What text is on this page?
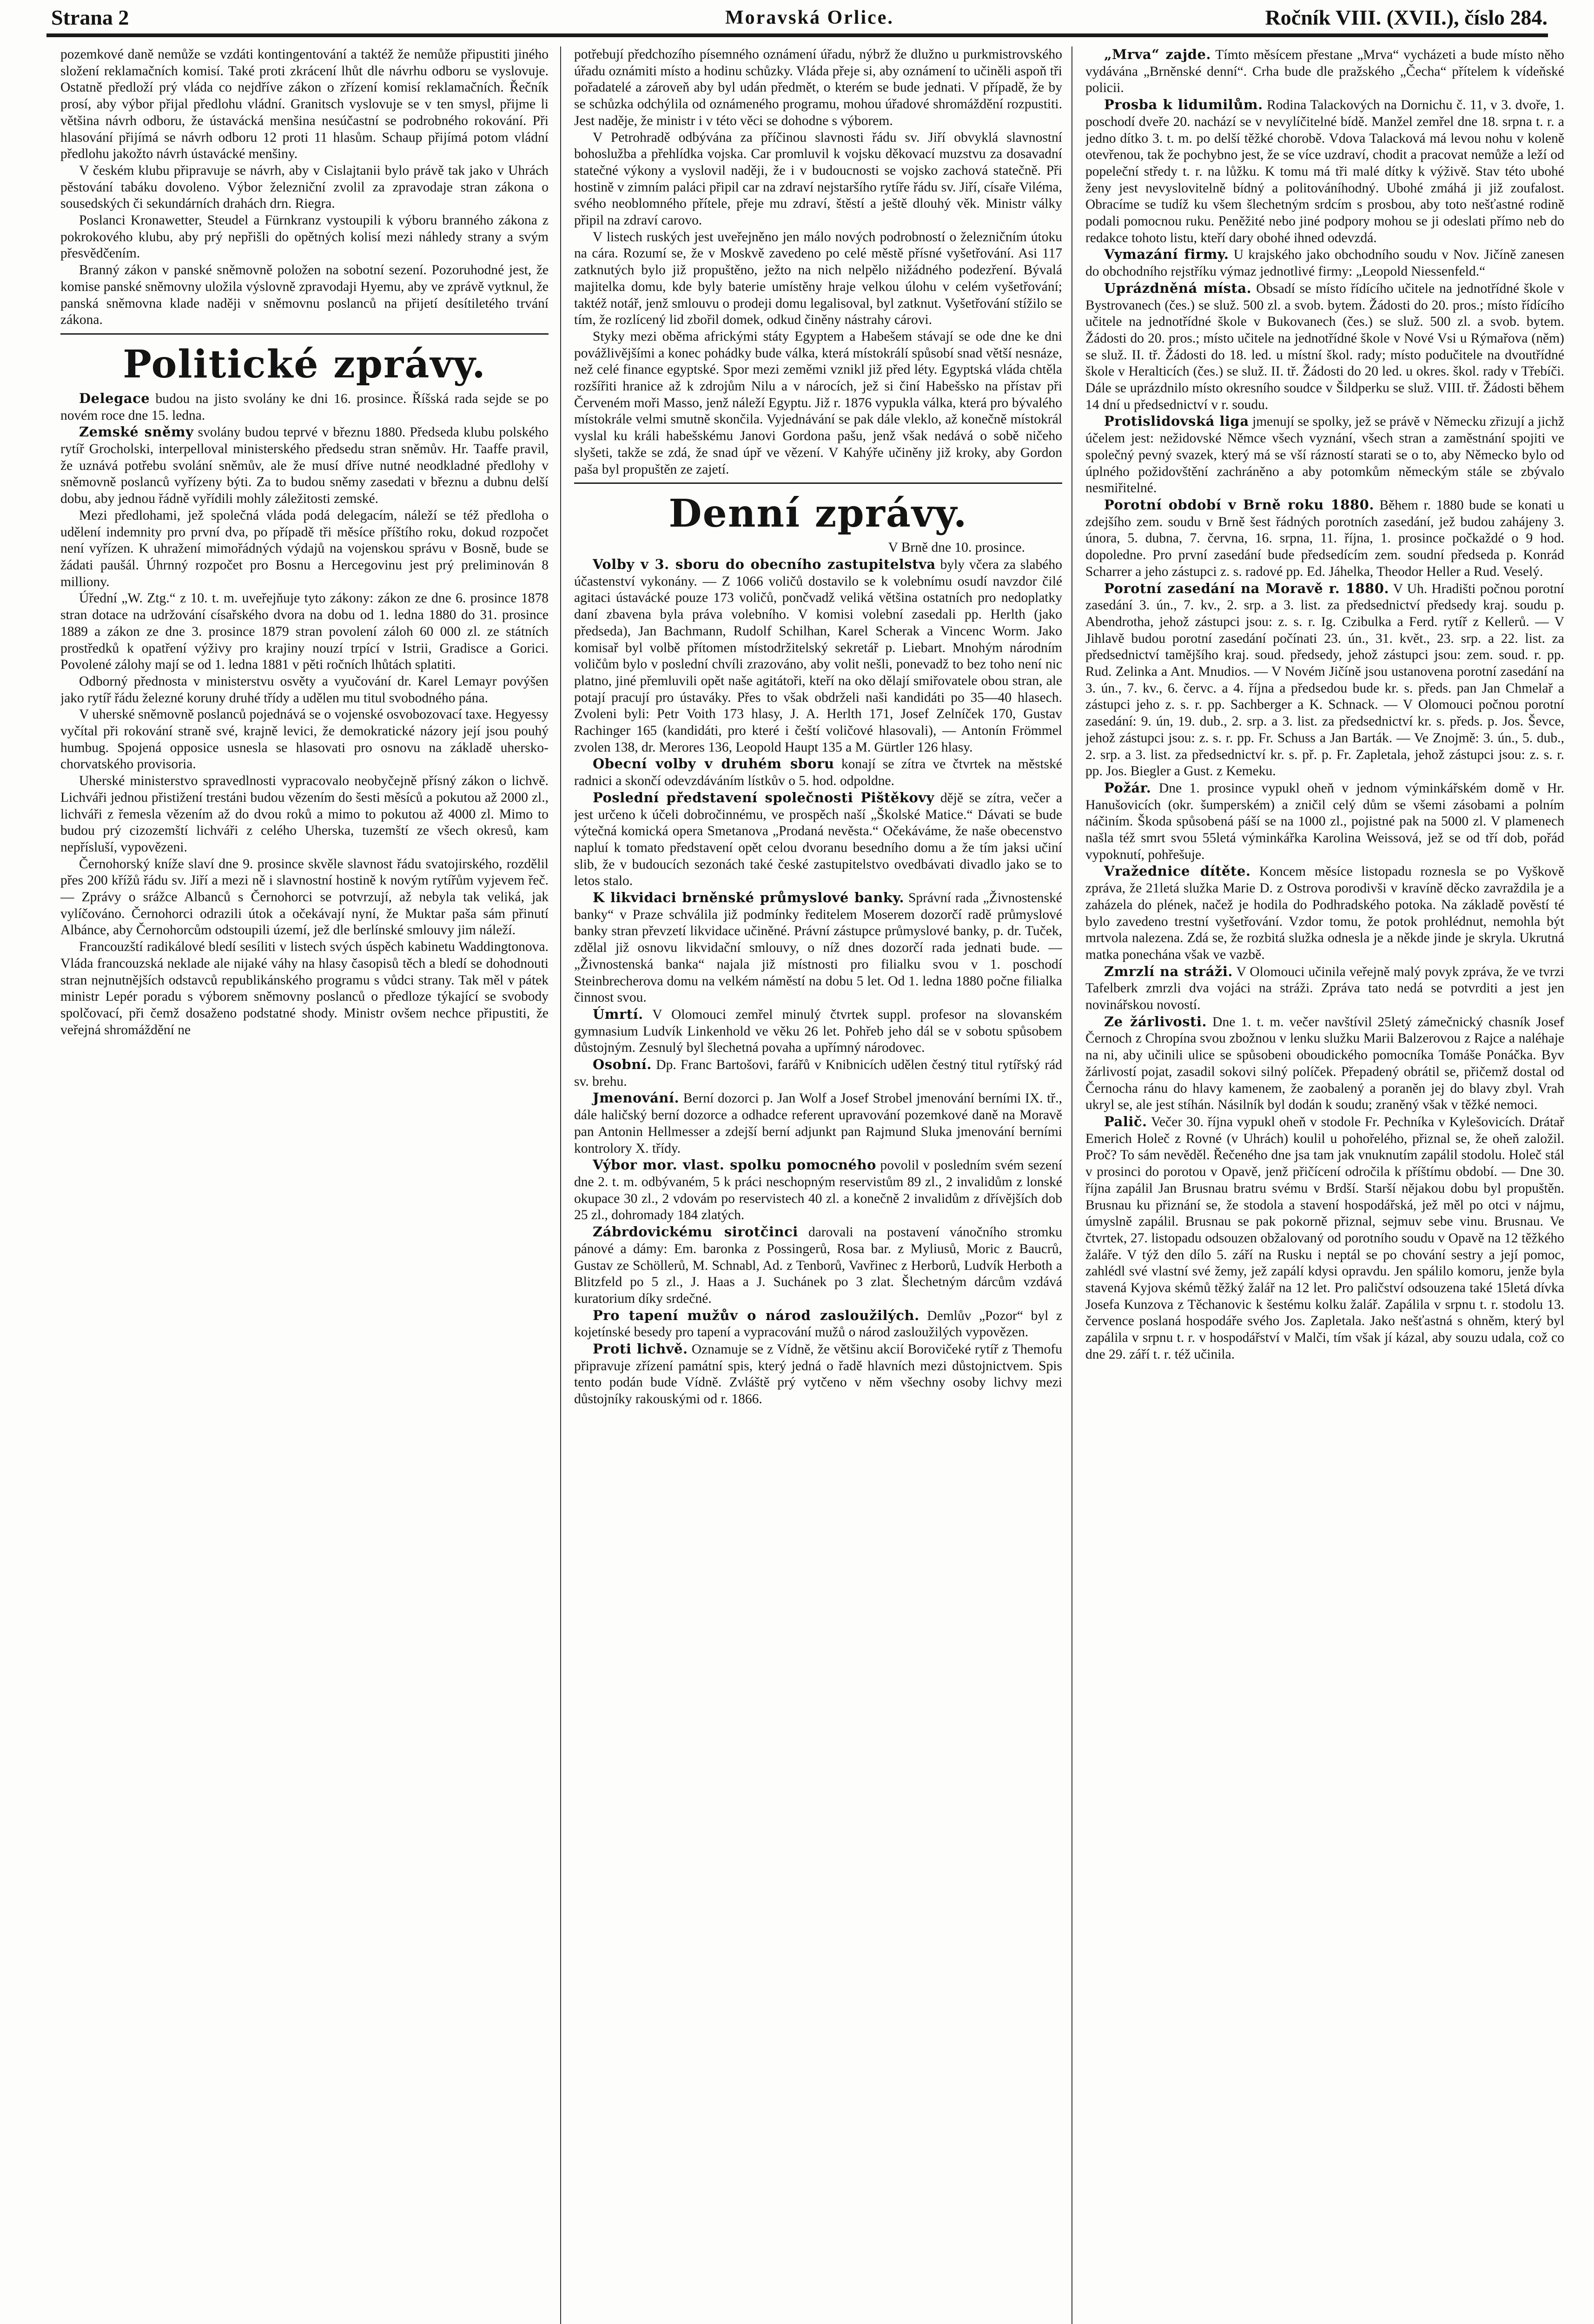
Strana 2	Moravská Orlice.	Ročník VIII. (XVII.), číslo 284.

pozemkové daně nemůže se vzdáti kontingentování a taktéž že nemůže připustiti jiného složení reklamačních komisí. Také proti zkrácení lhůt dle návrhu odboru se vyslovuje. Ostatně předloží prý vláda co nejdříve zákon o zřízení komisí reklamačních. Řečník prosí, aby výbor přijal předlohu vládní. Granitsch vyslovuje se v ten smysl, přijme li většina návrh odboru, že ústavácká menšina nesúčastní se podrobného rokování. Při hlasování přijímá se návrh odboru 12 proti 11 hlasům. Schaup přijímá potom vládní předlohu jakožto návrh ústavácké menšiny.

V českém klubu připravuje se návrh, aby v Cislajtanii bylo právě tak jako v Uhrách pěstování tabáku dovoleno. Výbor železniční zvolil za zpravodaje stran zákona o sousedských či sekundárních drahách drn. Riegra.

Poslanci Kronawetter, Steudel a Fürnkranz vystoupili k výboru branného zákona z pokrokového klubu, aby prý nepřišli do opětných kolisí mezi náhledy strany a svým přesvědčením.

Branný zákon v panské sněmovně položen na sobotní sezení. Pozoruhodné jest, že komise panské sněmovny uložila výslovně zpravodaji Hyemu, aby ve zprávě vytknul, že panská sněmovna klade naději v sněmovnu poslanců na přijetí desítiletého trvání zákona.

Politické zprávy.

Delegace budou na jisto svolány ke dni 16. prosince. Říšská rada sejde se po novém roce dne 15. ledna.

Zemské sněmy svolány budou teprvé v březnu 1880. Předseda klubu polského rytíř Grocholski, interpelloval ministerského předsedu stran sněmův. Hr. Taaffe pravil, že uznává potřebu svolání sněmův, ale že musí dříve nutné neodkladné předlohy v sněmovně poslanců vyřízeny býti. Za to budou sněmy zasedati v březnu a dubnu delší dobu, aby jednou řádně vyřídili mohly záležitosti zemské.

Mezi předlohami, jež společná vláda podá delegacím, náleží se též předloha o udělení indemnity pro první dva, po případě tři měsíce příštího roku, dokud rozpočet není vyřízen. K uhražení mimořádných výdajů na vojenskou správu v Bosně, bude se žádati paušál. Úhrnný rozpočet pro Bosnu a Hercegovinu jest prý preliminován 8 milliony.

Úřední „W. Ztg.“ z 10. t. m. uveřejňuje tyto zákony: zákon ze dne 6. prosince 1878 stran dotace na udržování císařského dvora na dobu od 1. ledna 1880 do 31. prosince 1889 a zákon ze dne 3. prosince 1879 stran povolení záloh 60 000 zl. ze státních prostředků k opatření výživy pro krajiny nouzí trpící v Istrii, Gradisce a Gorici. Povolené zálohy mají se od 1. ledna 1881 v pěti ročních lhůtách splatiti.

Odborný přednosta v ministerstvu osvěty a vyučování dr. Karel Lemayr povýšen jako rytíř řádu železné koruny druhé třídy a udělen mu titul svobodného pána.

V uherské sněmovně poslanců pojednává se o vojenské osvobozovací taxe. Hegyessy vyčítal při rokování straně své, krajně levici, že demokratické názory její jsou pouhý humbug. Spojená opposice usnesla se hlasovati pro osnovu na základě uhersko-chorvatského provisoria.

Uherské ministerstvo spravedlnosti vypracovalo neobyčejně přísný zákon o lichvě. Lichváři jednou přistižení trestáni budou vězením do šesti měsíců a pokutou až 2000 zl., lichváři z řemesla vězením až do dvou roků a mimo to pokutou až 4000 zl. Mimo to budou prý cizozemští lichváři z celého Uherska, tuzemští ze všech okresů, kam nepřísluší, vypovězeni.

Černohorský kníže slaví dne 9. prosince skvěle slavnost řádu svatojirského, rozdělil přes 200 křížů řádu sv. Jiří a mezi ně i slavnostní hostině k novým rytířům vyjevem řeč. — Zprávy o srážce Albanců s Černohorci se potvrzují, až nebyla tak veliká, jak vylíčováno. Černohorci odrazili útok a očekávají nyní, že Muktar paša sám přinutí Albánce, aby Černohorcům odstoupili území, jež dle berlínské smlouvy jim náleží.

Francouzští radikálové bledí sesíliti v listech svých úspěch kabinetu Waddingtonova. Vláda francouzská neklade ale nijaké váhy na hlasy časopisů těch a bledí se dohodnouti stran nejnutnějších odstavců republikánského programu s vůdci strany. Tak měl v pátek ministr Lepér poradu s výborem sněmovny poslanců o předloze týkající se svobody spolčovací, při čemž dosaženo podstatné shody. Ministr ovšem nechce připustiti, že veřejná shromáždění ne

potřebují předchozího písemného oznámení úřadu, nýbrž že dlužno u purkmistrovského úřadu oznámiti místo a hodinu schůzky. Vláda přeje si, aby oznámení to učiněli aspoň tři pořadatelé a zároveň aby byl udán předmět, o kterém se bude jednati. V případě, že by se schůzka odchýlila od oznámeného programu, mohou úřadové shromáždění rozpustiti. Jest naděje, že ministr i v této věci se dohodne s výborem.

V Petrohradě odbývána za příčinou slavnosti řádu sv. Jiří obvyklá slavnostní bohoslužba a přehlídka vojska. Car promluvil k vojsku děkovací muzstvu za dosavadní statečné výkony a vyslovil naději, že i v budoucnosti se vojsko zachová statečně. Při hostině v zimním paláci připil car na zdraví nejstaršího rytíře řádu sv. Jiří, císaře Viléma, svého neoblomného přítele, přeje mu zdraví, štěstí a ještě dlouhý věk. Ministr války připil na zdraví carovo.

V listech ruských jest uveřejněno jen málo nových podrobností o železničním útoku na cára. Rozumí se, že v Moskvě zavedeno po celé městě přísné vyšetřování. Asi 117 zatknutých bylo již propuštěno, ježto na nich nelpělo nižádného podezření. Bývalá majitelka domu, kde byly baterie umístěny hraje velkou úlohu v celém vyšetřování; taktéž notář, jenž smlouvu o prodeji domu legalisoval, byl zatknut. Vyšetřování stížilo se tím, že rozlícený lid zbořil domek, odkud činěny nástrahy cárovi.

Styky mezi oběma africkými státy Egyptem a Habešem stávají se ode dne ke dni povážlivějšími a konec pohádky bude válka, která místokrálí spůsobí snad větší nesnáze, než celé finance egyptské. Spor mezi zeměmi vznikl již před léty. Egyptská vláda chtěla rozšířiti hranice až k zdrojům Nilu a v nárocích, jež si činí Habešsko na přístav při Červeném moři Masso, jenž náleží Egyptu. Již r. 1876 vypukla válka, která pro bývalého místokrále velmi smutně skončila. Vyjednávání se pak dále vleklo, až konečně místokrál vyslal ku králi habešskému Janovi Gordona pašu, jenž však nedává o sobě ničeho slyšeti, takže se zdá, že snad úpř ve vězení. V Kahýře učiněny již kroky, aby Gordon paša byl propuštěn ze zajetí.

Denní zprávy.

V Brně dne 10. prosince.

Volby v 3. sboru do obecního zastupitelstva byly včera za slabého účastenství vykonány. — Z 1066 voličů dostavilo se k volebnímu osudí navzdor čilé agitaci ústavácké pouze 173 voličů, pončvadž veliká většina ostatních pro nedoplatky daní zbavena byla práva volebního. V komisi volební zasedali pp. Herlth (jako předseda), Jan Bachmann, Rudolf Schilhan, Karel Scherak a Vincenc Worm. Jako komisař byl volbě přítomen místodržitelský sekretář p. Liebart. Mnohým národním voličům bylo v poslední chvíli zrazováno, aby volit nešli, ponevadž to bez toho není nic platno, jiné přemluvili opět naše agitátoři, kteří na oko dělají smiřovatele obou stran, ale potají pracují pro ústaváky. Přes to však obdrželi naši kandidáti po 35—40 hlasech. Zvoleni byli: Petr Voith 173 hlasy, J. A. Herlth 171, Josef Zelníček 170, Gustav Rachinger 165 (kandidáti, pro které i čeští voličové hlasovali), — Antonín Frömmel zvolen 138, dr. Merores 136, Leopold Haupt 135 a M. Gürtler 126 hlasy.

Obecní volby v druhém sboru konají se zítra ve čtvrtek na městské radnici a skončí odevzdáváním lístkův o 5. hod. odpoldne.

Poslední představení společnosti Pištěkovy dějě se zítra, večer a jest určeno k účeli dobročinnému, ve prospěch naší „Školské Matice.“ Dávati se bude výtečná komická opera Smetanova „Prodaná nevěsta.“ Očekáváme, že naše obecenstvo napluí k tomato představení opět celou dvoranu besedního domu a že tím jaksi učiní slib, že v budoucích sezonách také české zastupitelstvo ovedbávati divadlo jako se to letos stalo.

K likvidaci brněnské průmyslové banky. Správní rada „Živnostenské banky“ v Praze schválila již podmínky ředitelem Moserem dozorčí radě průmyslové banky stran převzetí likvidace učiněné. Právní zástupce průmyslové banky, p. dr. Tuček, zdělal již osnovu likvidační smlouvy, o níž dnes dozorčí rada jednati bude. — „Živnostenská banka“ najala již místnosti pro filialku svou v 1. poschodí Steinbrecherova domu na velkém náměstí na dobu 5 let. Od 1. ledna 1880 počne filialka činnost svou.

Úmrtí. V Olomouci zemřel minulý čtvrtek suppl. profesor na slovanském gymnasium Ludvík Linkenhold ve věku 26 let. Pohřeb jeho dál se v sobotu spůsobem důstojným. Zesnulý byl šlechetná povaha a upřímný národovec.

Osobní. Dp. Franc Bartošovi, farářů v Knibnicích udělen čestný titul rytířský rád sv. brehu.

Jmenování. Berní dozorci p. Jan Wolf a Josef Strobel jmenování berními IX. tř., dále haličský berní dozorce a odhadce referent upravování pozemkové daně na Moravě pan Antonin Hellmesser a zdejší berní adjunkt pan Rajmund Sluka jmenování berními kontrolory X. třídy.

Výbor mor. vlast. spolku pomocného povolil v posledním svém sezení dne 2. t. m. odbývaném, 5 k práci neschopným reservistům 89 zl., 2 invalidům z lonské okupace 30 zl., 2 vdovám po reservistech 40 zl. a konečně 2 invalidům z dřívějších dob 25 zl., dohromady 184 zlatých.

Zábrdovickému sirotčinci darovali na postavení vánočního stromku pánové a dámy: Em. baronka z Possingerů, Rosa bar. z Myliusů, Moric z Baucrů, Gustav ze Schöllerů, M. Schnabl, Ad. z Tenborů, Vavřinec z Herborů, Ludvík Herboth a Blitzfeld po 5 zl., J. Haas a J. Suchánek po 3 zlat. Šlechetným dárcům vzdává kuratorium díky srdečné.

Pro tapení mužův o národ zasloužilých. Demlův „Pozor“ byl z kojetínské besedy pro tapení a vypracování mužů o národ zasloužilých vypovězen.

Proti lichvě. Oznamuje se z Vídně, že většinu akcií Borovičeké rytíř z Themofu připravuje zřízení památní spis, který jedná o řadě hlavních mezi důstojnictvem. Spis tento podán bude Vídně. Zvláště prý vytčeno v něm všechny osoby lichvy mezi důstojníky rakouskými od r. 1866.

„Mrva“ zajde. Tímto měsícem přestane „Mrva“ vycházeti a bude místo něho vydávána „Brněnské denní“. Crha bude dle pražského „Čecha“ přítelem k vídeňské policii.

Prosba k lidumilům. Rodina Talackových na Dornichu č. 11, v 3. dvoře, 1. poschodí dveře 20. nachází se v nevylíčitelné bídě. Manžel zemřel dne 18. srpna t. r. a jedno dítko 3. t. m. po delší těžké chorobě. Vdova Talacková má levou nohu v koleně otevřenou, tak že pochybno jest, že se více uzdraví, chodit a pracovat nemůže a leží od popeleční středy t. r. na lůžku. K tomu má tři malé dítky k výživě. Stav této ubohé ženy jest nevyslovitelně bídný a politováníhodný. Ubohé zmáhá ji již zoufalost. Obracíme se tudíž ku všem šlechetným srdcím s prosbou, aby toto nešťastné rodině podali pomocnou ruku. Peněžité nebo jiné podpory mohou se ji odeslati přímo neb do redakce tohoto listu, kteří dary obohé ihned odevzdá.

Vymazání firmy. U krajského jako obchodního soudu v Nov. Jičíně zanesen do obchodního rejstříku výmaz jednotlivé firmy: „Leopold Niessenfeld.“

Uprázdněná místa. Obsadí se místo řídícího učitele na jednotřídné škole v Bystrovanech (čes.) se služ. 500 zl. a svob. bytem. Žádosti do 20. pros.; místo řídícího učitele na jednotřídné škole v Bukovanech (čes.) se služ. 500 zl. a svob. bytem. Žádosti do 20. pros.; místo učitele na jednotřídné škole v Nové Vsi u Rýmařova (něm) se služ. II. tř. Žádosti do 18. led. u místní škol. rady; místo podučitele na dvoutřídné škole v Heralticích (čes.) se služ. II. tř. Žádosti do 20 led. u okres. škol. rady v Třebíči. Dále se uprázdnilo místo okresního soudce v Šildperku se služ. VIII. tř. Žádosti během 14 dní u předsednictví v r. soudu.

Protislidovská liga jmenují se spolky, jež se právě v Německu zřizují a jichž účelem jest: nežidovské Němce všech vyznání, všech stran a zaměstnání spojiti ve společný pevný svazek, který má se vší rázností starati se o to, aby Německo bylo od úplného požidovštění zachráněno a aby potomkům německým stále se zbývalo nesmiřitelné.

Porotní období v Brně roku 1880. Během r. 1880 bude se konati u zdejšího zem. soudu v Brně šest řádných porotních zasedání, jež budou zahájeny 3. února, 5. dubna, 7. června, 16. srpna, 11. října, 1. prosince počkaždé o 9 hod. dopoledne. Pro první zasedání bude předsedícím zem. soudní předseda p. Konrád Scharrer a jeho zástupci z. s. radové pp. Ed. Jáhelka, Theodor Heller a Rud. Veselý.

Porotní zasedání na Moravě r. 1880. V Uh. Hradišti počnou porotní zasedání 3. ún., 7. kv., 2. srp. a 3. list. za předsednictví předsedy kraj. soudu p. Abendrotha, jehož zástupci jsou: z. s. r. Ig. Czibulka a Ferd. rytíř z Kellerů. — V Jihlavě budou porotní zasedání počínati 23. ún., 31. květ., 23. srp. a 22. list. za předsednictví tamějšího kraj. soud. předsedy, jehož zástupci jsou: zem. soud. r. pp. Rud. Zelinka a Ant. Mnudios. — V Novém Jičíně jsou ustanovena porotní zasedání na 3. ún., 7. kv., 6. červc. a 4. října a předsedou bude kr. s. předs. pan Jan Chmelař a zástupci jeho z. s. r. pp. Sachberger a K. Schnack. — V Olomouci počnou porotní zasedání: 9. ún, 19. dub., 2. srp. a 3. list. za předsednictví kr. s. předs. p. Jos. Ševce, jehož zástupci jsou: z. s. r. pp. Fr. Schuss a Jan Barták. — Ve Znojmě: 3. ún., 5. dub., 2. srp. a 3. list. za předsednictví kr. s. př. p. Fr. Zapletala, jehož zástupci jsou: z. s. r. pp. Jos. Biegler a Gust. z Kemeku.

Požár. Dne 1. prosince vypukl oheň v jednom výminkářském domě v Hr. Hanušovicích (okr. šumperském) a zničil celý dům se všemi zásobami a polním náčiním. Škoda spůsobená páší se na 1000 zl., pojistné pak na 5000 zl. V plamenech našla též smrt svou 55letá výminkářka Karolina Weissová, jež se od tří dob, pořád vypoknutí, pohřešuje.

Vražednice dítěte. Koncem měsíce listopadu roznesla se po Vyškově zpráva, že 21letá služka Marie D. z Ostrova porodivši v kravíně děcko zavraždila je a zaházela do plének, načež je hodila do Podhradského potoka. Na základě pověstí té bylo zavedeno trestní vyšetřování. Vzdor tomu, že potok prohlédnut, nemohla být mrtvola nalezena. Zdá se, že rozbitá služka odnesla je a někde jinde je skryla. Ukrutná matka ponechána však ve vazbě.

Zmrzlí na stráži. V Olomouci učinila veřejně malý povyk zpráva, že ve tvrzi Tafelberk zmrzli dva vojáci na stráži. Zpráva tato nedá se potvrditi a jest jen novinářskou novostí.

Ze žárlivosti. Dne 1. t. m. večer navštívil 25letý zámečnický chasník Josef Černoch z Chropína svou zbožnou v lenku služku Marii Balzerovou z Rajce a naléhaje na ni, aby učinili ulice se spůsobeni oboudického pomocníka Tomáše Ponáčka. Byv žárlivostí pojat, zasadil sokovi silný políček. Přepadený obrátil se, přičemž dostal od Černocha ránu do hlavy kamenem, že zaobalený a poraněn jej do blavy zbyl. Vrah ukryl se, ale jest stíhán. Násilník byl dodán k soudu; zraněný však v těžké nemoci.

Palič. Večer 30. října vypukl oheň v stodole Fr. Pechníka v Kylešovicích. Drátař Emerich Holeč z Rovné (v Uhrách) koulil u pohořelého, přiznal se, že oheň založil. Proč? To sám nevěděl. Řečeného dne jsa tam jak vnuknutím zapálil stodolu. Holeč stál v prosinci do porotou v Opavě, jenž přičícení odročila k příštímu období. — Dne 30. října zapálil Jan Brusnau bratru svému v Brdší. Starší nějakou dobu byl propuštěn. Brusnau ku přiznání se, že stodola a stavení hospodářská, jež měl po otci v nájmu, úmyslně zapálil. Brusnau se pak pokorně přiznal, sejmuv sebe vinu. Brusnau. Ve čtvrtek, 27. listopadu odsouzen obžalovaný od porotního soudu v Opavě na 12 těžkého žaláře. V týž den dílo 5. září na Rusku i neptál se po chování sestry a její pomoc, zahlédl své vlastní své žemy, jež zapálí kdysi opravdu. Jen spálilo komoru, jenže byla stavená Kyjova skémů těžký žalář na 12 let. Pro paličství odsouzena také 15letá dívka Josefa Kunzova z Těchanovic k šestému kolku žalář. Zapálila v srpnu t. r. stodolu 13. července poslaná hospodáře svého Jos. Zapletala. Jako nešťastná s ohněm, který byl zapálila v srpnu t. r. v hospodářství v Malči, tím však jí kázal, aby souzu udala, což co dne 29. září t. r. též učinila.
